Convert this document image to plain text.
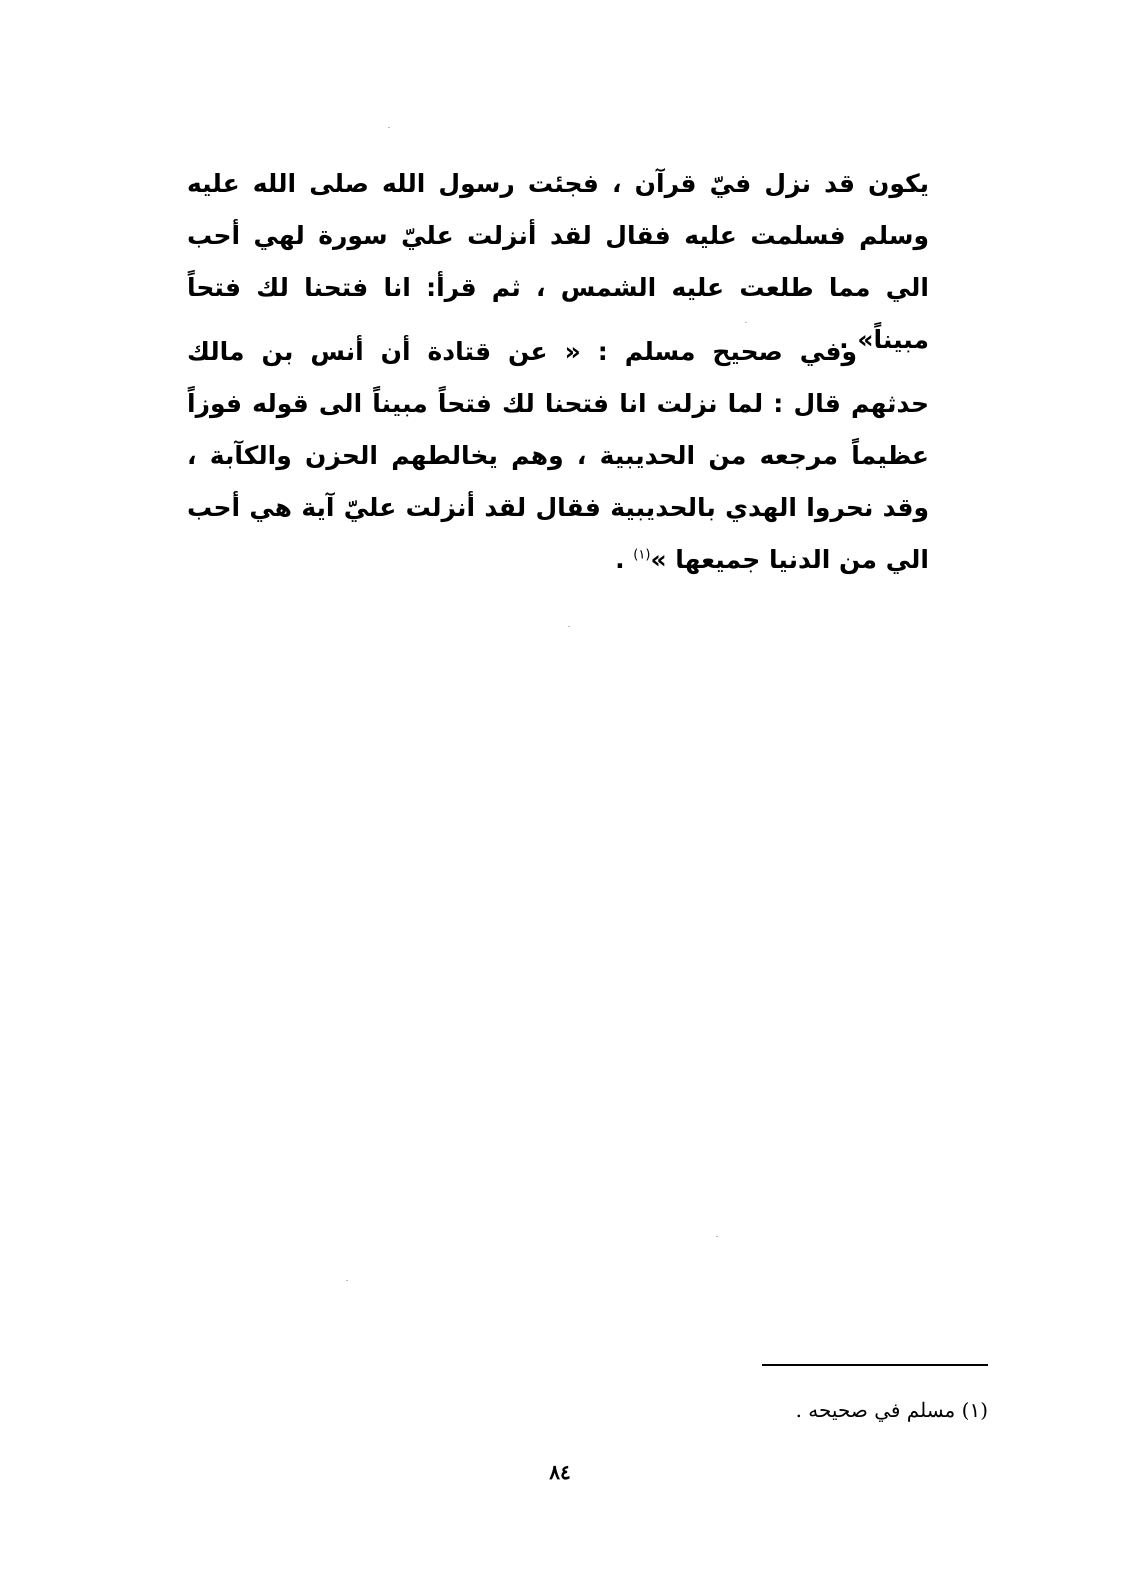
يكون قد نزل فيّ قرآن ، فجئت رسول الله صلى الله عليه وسلم فسلمت عليه فقال لقد أنزلت عليّ سورة لهي أحب الي مما طلعت عليه الشمس ، ثم قرأ: انا فتحنا لك فتحاً مبيناً» .

وفي صحيح مسلم : « عن قتادة أن أنس بن مالك حدثهم قال : لما نزلت انا فتحنا لك فتحاً مبيناً الى قوله فوزاً عظيماً مرجعه من الحديبية ، وهم يخالطهم الحزن والكآبة ، وقد نحروا الهدي بالحديبية فقال لقد أنزلت عليّ آية هي أحب الي من الدنيا جميعها »$^{(١)}$ .

(١) مسلم في صحيحه .
٨٤
